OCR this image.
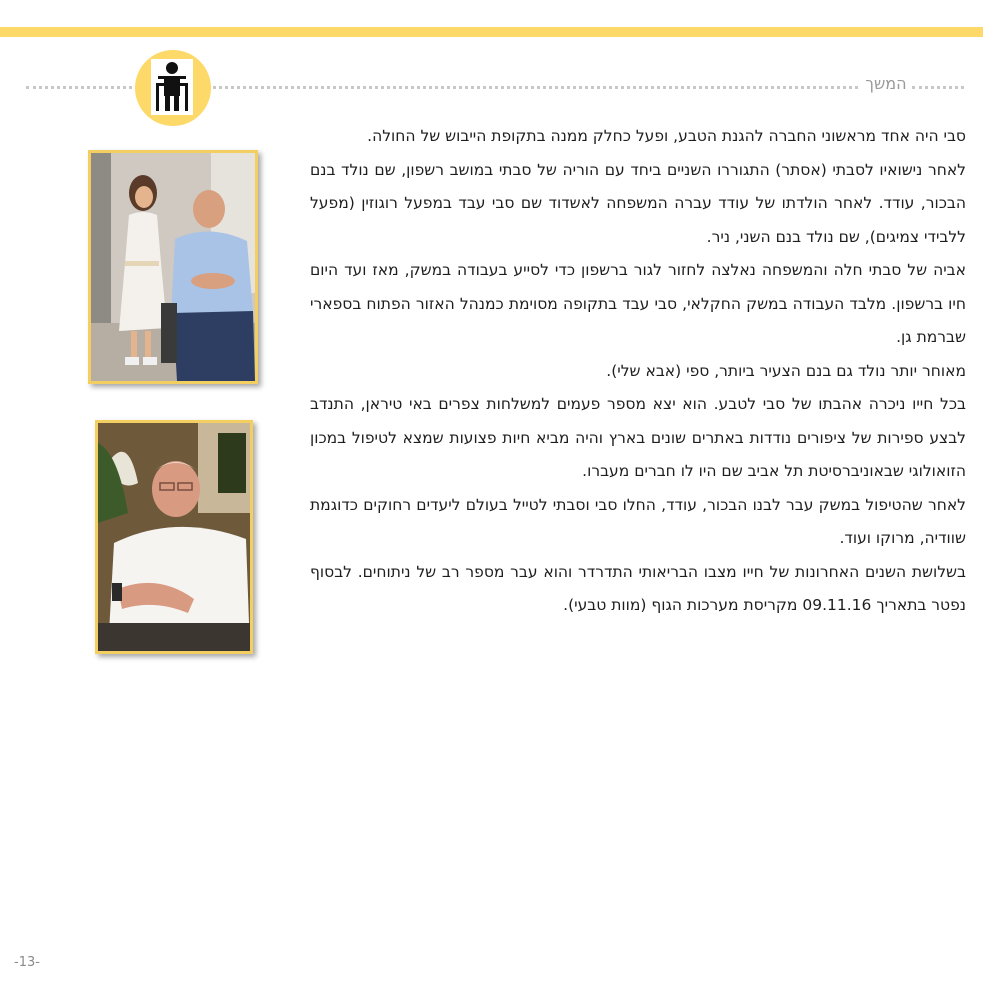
המשך

סבי היה אחד מראשוני החברה להגנת הטבע, ופעל כחלק ממנה בתקופת הייבוש של החולה.

לאחר נישואיו לסבתי (אסתר) התגוררו השניים ביחד עם הוריה של סבתי במושב רשפון, שם נולד בנם הבכור, עודד. לאחר הולדתו של עודד עברה המשפחה לאשדוד שם סבי עבד במפעל רוגוזין (מפעל ללבידי צמיגים), שם נולד בנם השני, ניר.

אביה של סבתי חלה והמשפחה נאלצה לחזור לגור ברשפון כדי לסייע בעבודה במשק, מאז ועד היום חיו ברשפון. מלבד העבודה במשק החקלאי, סבי עבד בתקופה מסוימת כמנהל האזור הפתוח בספארי שברמת גן.

מאוחר יותר נולד גם בנם הצעיר ביותר, ספי (אבא שלי).

בכל חייו ניכרה אהבתו של סבי לטבע. הוא יצא מספר פעמים למשלחות צפרים באי טיראן, התנדב לבצע ספירות של ציפורים נודדות באתרים שונים בארץ והיה מביא חיות פצועות שמצא לטיפול במכון הזואולוגי שבאוניברסיטת תל אביב שם היו לו חברים מעברו.

לאחר שהטיפול במשק עבר לבנו הבכור, עודד, החלו סבי וסבתי לטייל בעולם ליעדים רחוקים כדוגמת שוודיה, מרוקו ועוד.

בשלושת השנים האחרונות של חייו מצבו הבריאותי התדרדר והוא עבר מספר רב של ניתוחים. לבסוף נפטר בתאריך 09.11.16 מקריסת מערכות הגוף (מוות טבעי).

-13-
